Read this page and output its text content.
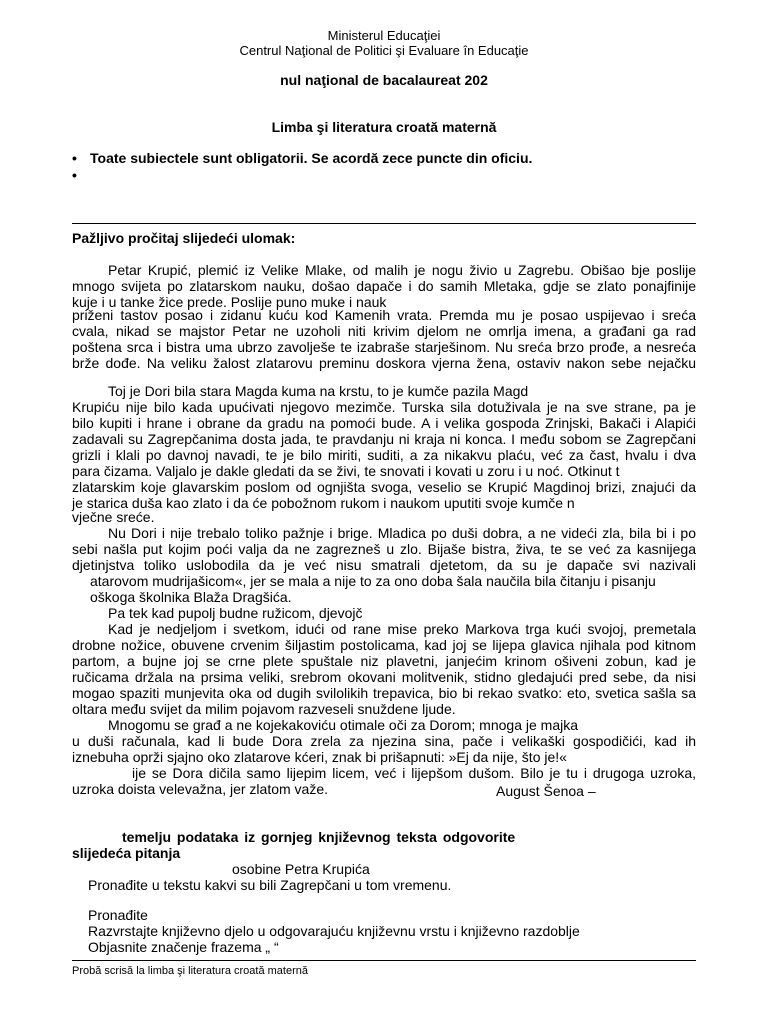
Ministerul Educaţiei
Centrul Naţional de Politici şi Evaluare în Educaţie
nul naţional de bacalaureat 202
Limba şi literatura croată maternă
• Toate subiectele sunt obligatorii. Se acordă zece puncte din oficiu.
•
Pažljivo pročitaj slijedeći ulomak:
Petar Krupić, plemić iz Velike Mlake, od malih je nogu živio u Zagrebu. Obišao bje poslije
mnogo svijeta po zlatarskom nauku, došao dapače i do samih Mletaka, gdje se zlato ponajfinije
kuje i u tanke žice prede. Poslije puno muke i nauk
priženi tastov posao i zidanu kuću kod Kamenih vrata. Premda mu je posao uspijevao i sreća
cvala, nikad se majstor Petar ne uzoholi niti krivim djelom ne omrlja imena, a građani ga rad
poštena srca i bistra uma ubrzo zavolješe te izabraše starješinom. Nu sreća brzo prođe, a nesreća
brže dođe. Na veliku žalost zlatarovu preminu doskora vjerna žena, ostaviv nakon sebe nejačku
Toj je Dori bila stara Magda kuma na krstu, to je kumče pazila Magd
Krupiću nije bilo kada upućivati njegovo mezimče. Turska sila dotuživala je na sve strane, pa je
bilo kupiti i hrane i obrane da gradu na pomoći bude. A i velika gospoda Zrinjski, Bakači i Alapići
zadavali su Zagrepčanima dosta jada, te pravdanju ni kraja ni konca. I među sobom se Zagrepčani
grizli i klali po davnoj navadi, te je bilo miriti, suditi, a za nikakvu plaću, već za čast, hvalu i dva
para čizama. Valjalo je dakle gledati da se živi, te snovati i kovati u zoru i u noć. Otkinut t
zlatarskim koje glavarskim poslom od ognjišta svoga, veselio se Krupić Magdinoj brizi, znajući da
je starica duša kao zlato i da će pobožnom rukom i naukom uputiti svoje kumče n
vječne sreće.
Nu Dori i nije trebalo toliko pažnje i brige. Mladica po duši dobra, a ne videći zla, bila bi i po
sebi našla put kojim poći valja da ne zagrezneš u zlo. Bijaše bistra, živa, te se već za kasnijega
djetinjstva toliko uslobodila da je već nisu smatrali djetetom, da su je dapače svi nazivali
atarovom mudrijašicom«, jer se mala a nije to za ono doba šala naučila bila čitanju i pisanju
oškoga školnika Blaža Dragšića.
Pa tek kad pupolj budne ružicom, djevojč
Kad je nedjeljom i svetkom, idući od rane mise preko Markova trga kući svojoj, premetala
drobne nožice, obuvene crvenim šiljastim postolicama, kad joj se lijepa glavica njihala pod kitnom
partom, a bujne joj se crne pletе spuštale niz plavetni, janjećim krinom ošiveni zobun, kad je
ručicama držala na prsima veliki, srebrom okovani molitvenik, stidno gledajući pred sebe, da nisi
mogao spaziti munjevita oka od dugih svilolikih trepavica, bio bi rekao svatko: eto, svetica sašla sa
oltara među svijet da milim pojavom razveseli snuždene ljude.
Mnogomu se građ a ne kojekakoviću otimale oči za Dorom; mnoga je majka
u duši računala, kad li bude Dora zrela za njezina sina, pače i velikaški gospodičići, kad ih
iznebuha oprži sjajno oko zlatarove kćeri, znak bi prišapnuti: »Ej da nije, što je!«
ije se Dora dičila samo lijepim licem, već i lijepšom dušom. Bilo je tu i drugoga uzroka,
uzroka doista velevažna, jer zlatom važe.	August Šenoa –
temelju podataka iz gornjeg književnog teksta odgovorite
slijedeća pitanja
osobine Petra Krupića
Pronađite u tekstu kakvi su bili Zagrepčani u tom vremenu.
Pronađite
Razvrstajte književno djelo u odgovarajuću književnu vrstu i književno razdoblje
Objasnite značenje frazema „ “
Probă scrisă la limba şi literatura croată maternă
